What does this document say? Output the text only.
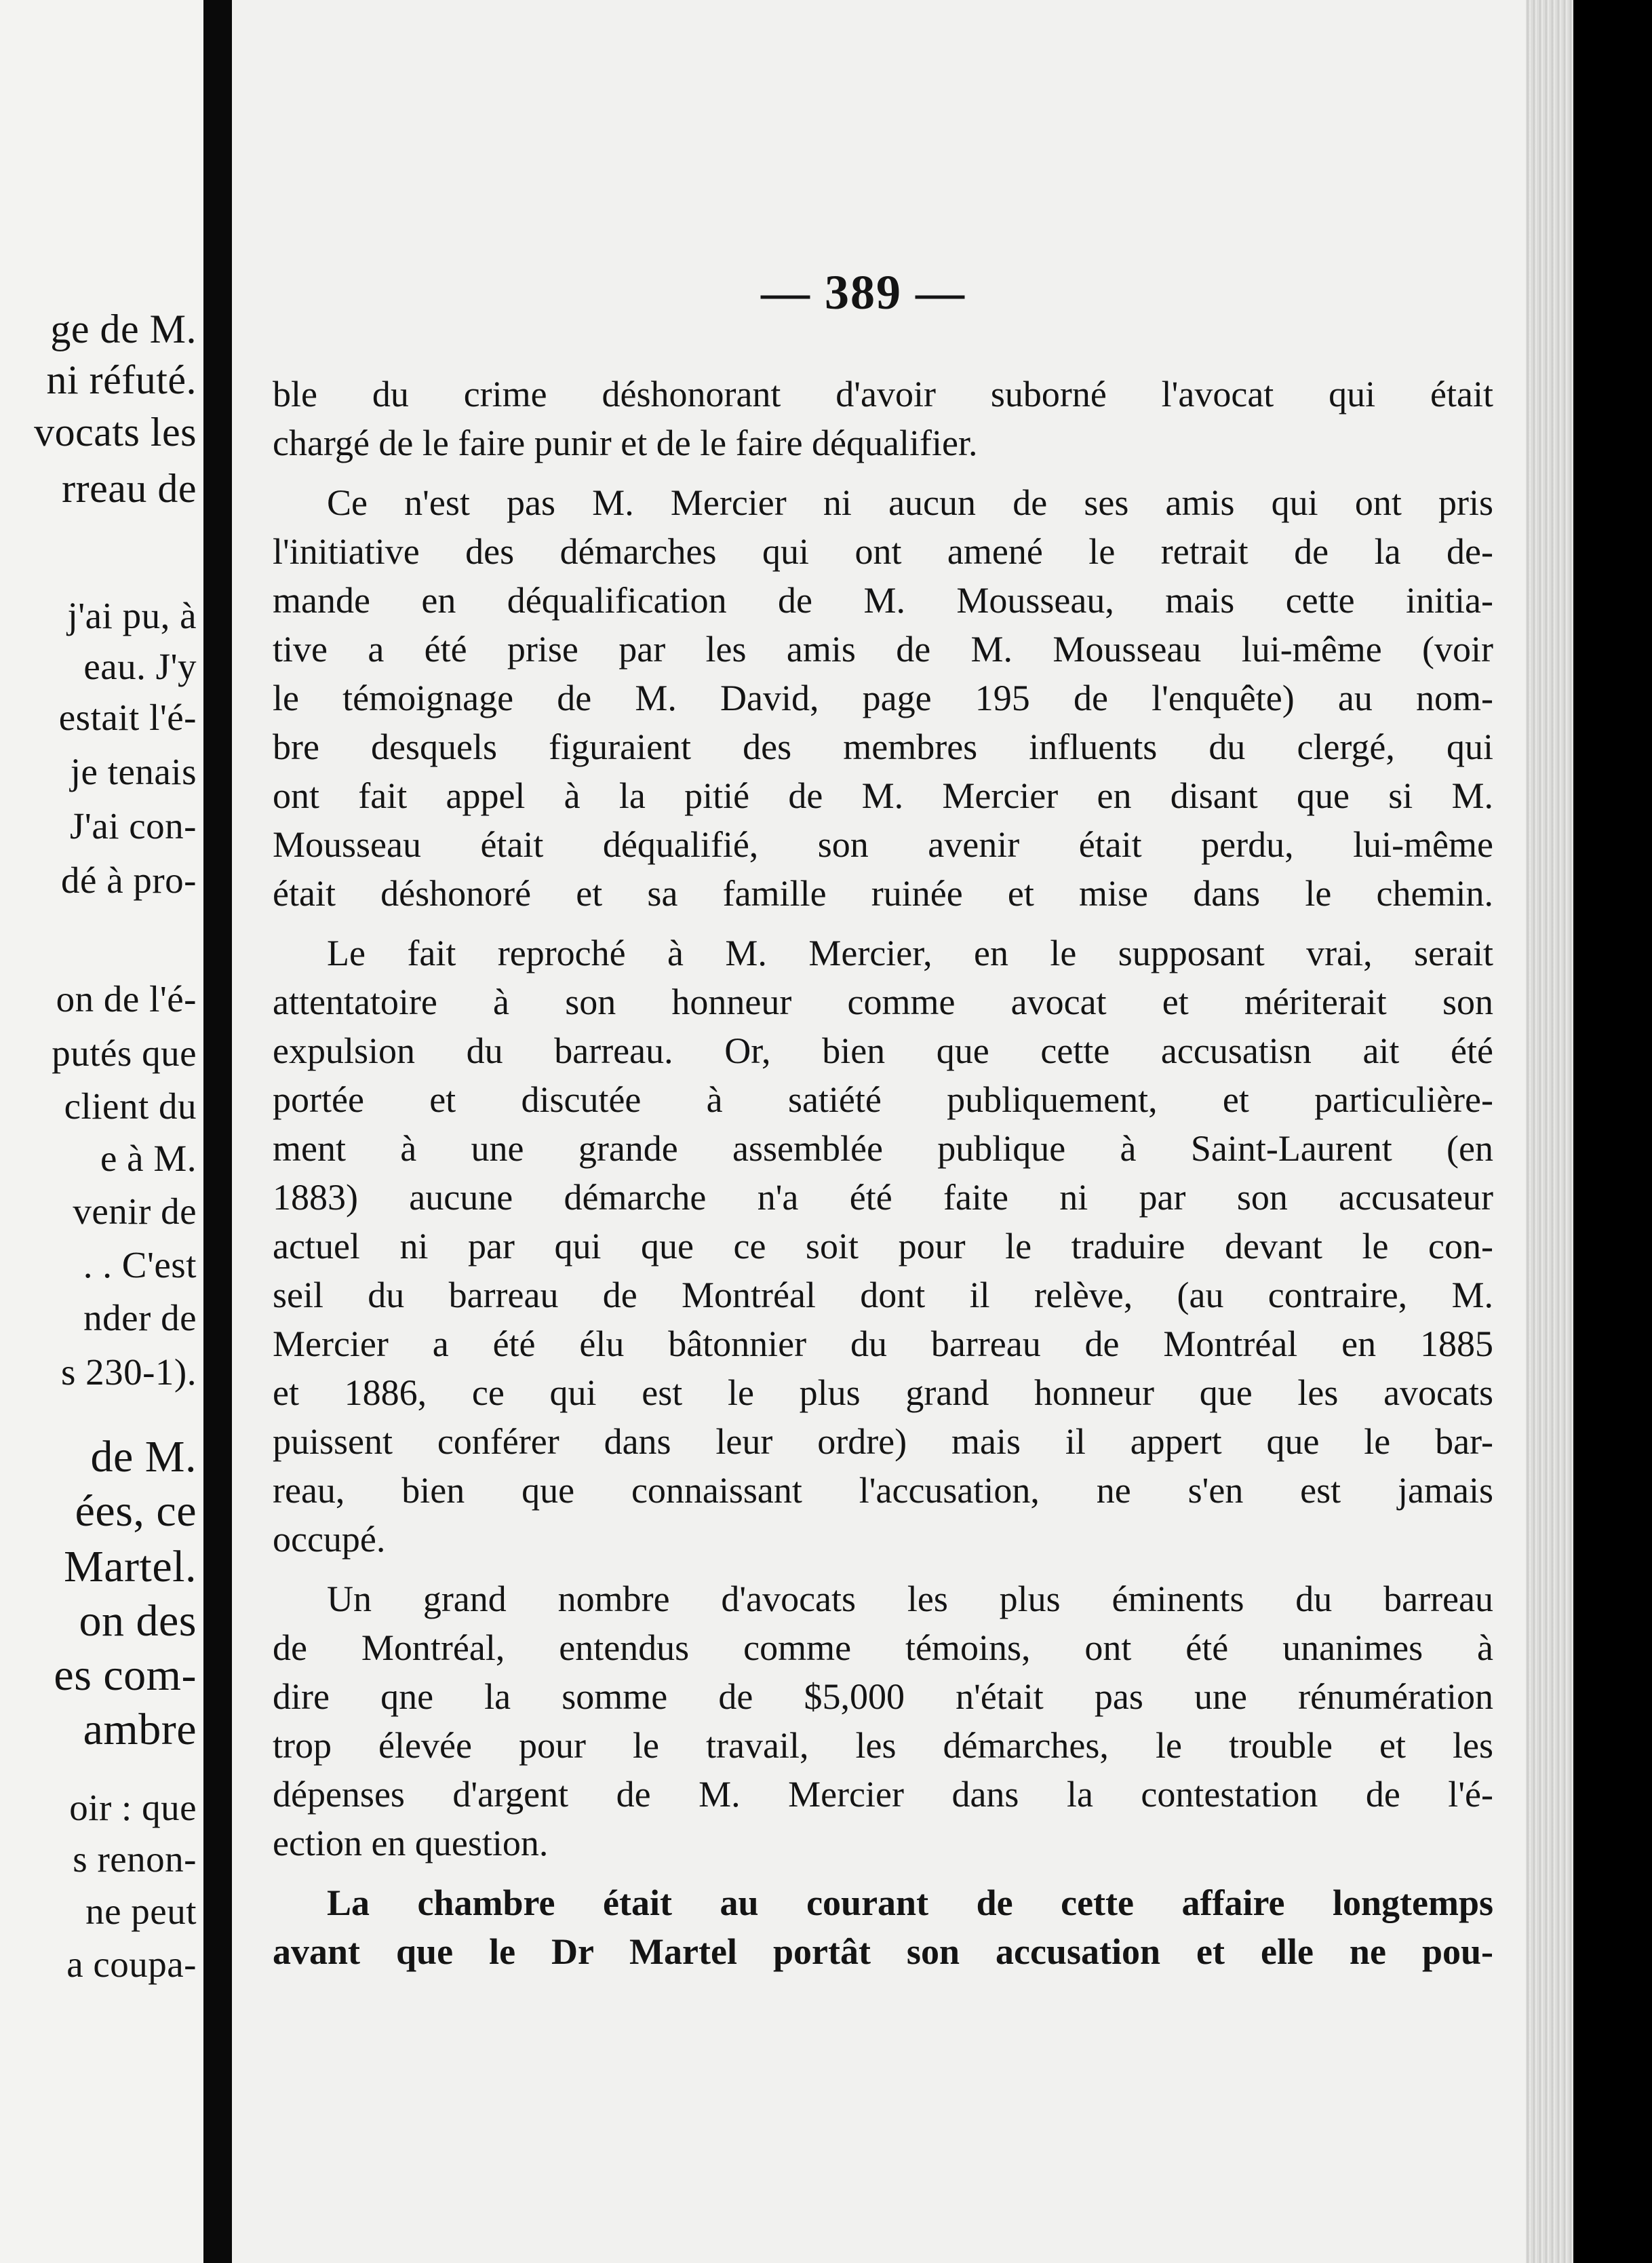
ge de M.
ni réfuté.
vocats les
rreau de
j'ai pu, à
eau. J'y
estait l'é-
je tenais
J'ai con-
dé à pro-
on de l'é-
putés que
client du
e à M.
venir de
. . C'est
nder de
s 230-1).
de M.
ées, ce
Martel.
on des
es com-
ambre
oir : que
s renon-
ne peut
a coupa-
— 389 —
ble du crime déshonorant d'avoir suborné l'avocat qui était
chargé de le faire punir et de le faire déqualifier.
Ce n'est pas M. Mercier ni aucun de ses amis qui ont pris
l'initiative des démarches qui ont amené le retrait de la de-
mande en déqualification de M. Mousseau, mais cette initia-
tive a été prise par les amis de M. Mousseau lui-même (voir
le témoignage de M. David, page 195 de l'enquête) au nom-
bre desquels figuraient des membres influents du clergé, qui
ont fait appel à la pitié de M. Mercier en disant que si M.
Mousseau était déqualifié, son avenir était perdu, lui-même
était déshonoré et sa famille ruinée et mise dans le chemin.
Le fait reproché à M. Mercier, en le supposant vrai, serait
attentatoire à son honneur comme avocat et mériterait son
expulsion du barreau. Or, bien que cette accusatisn ait été
portée et discutée à satiété publiquement, et particulière-
ment à une grande assemblée publique à Saint-Laurent (en
1883) aucune démarche n'a été faite ni par son accusateur
actuel ni par qui que ce soit pour le traduire devant le con-
seil du barreau de Montréal dont il relève, (au contraire, M.
Mercier a été élu bâtonnier du barreau de Montréal en 1885
et 1886, ce qui est le plus grand honneur que les avocats
puissent conférer dans leur ordre) mais il appert que le bar-
reau, bien que connaissant l'accusation, ne s'en est jamais
occupé.
Un grand nombre d'avocats les plus éminents du barreau
de Montréal, entendus comme témoins, ont été unanimes à
dire qne la somme de $5,000 n'était pas une rénumération
trop élevée pour le travail, les démarches, le trouble et les
dépenses d'argent de M. Mercier dans la contestation de l'é-
ection en question.
La chambre était au courant de cette affaire longtemps
avant que le Dr Martel portât son accusation et elle ne pou-
